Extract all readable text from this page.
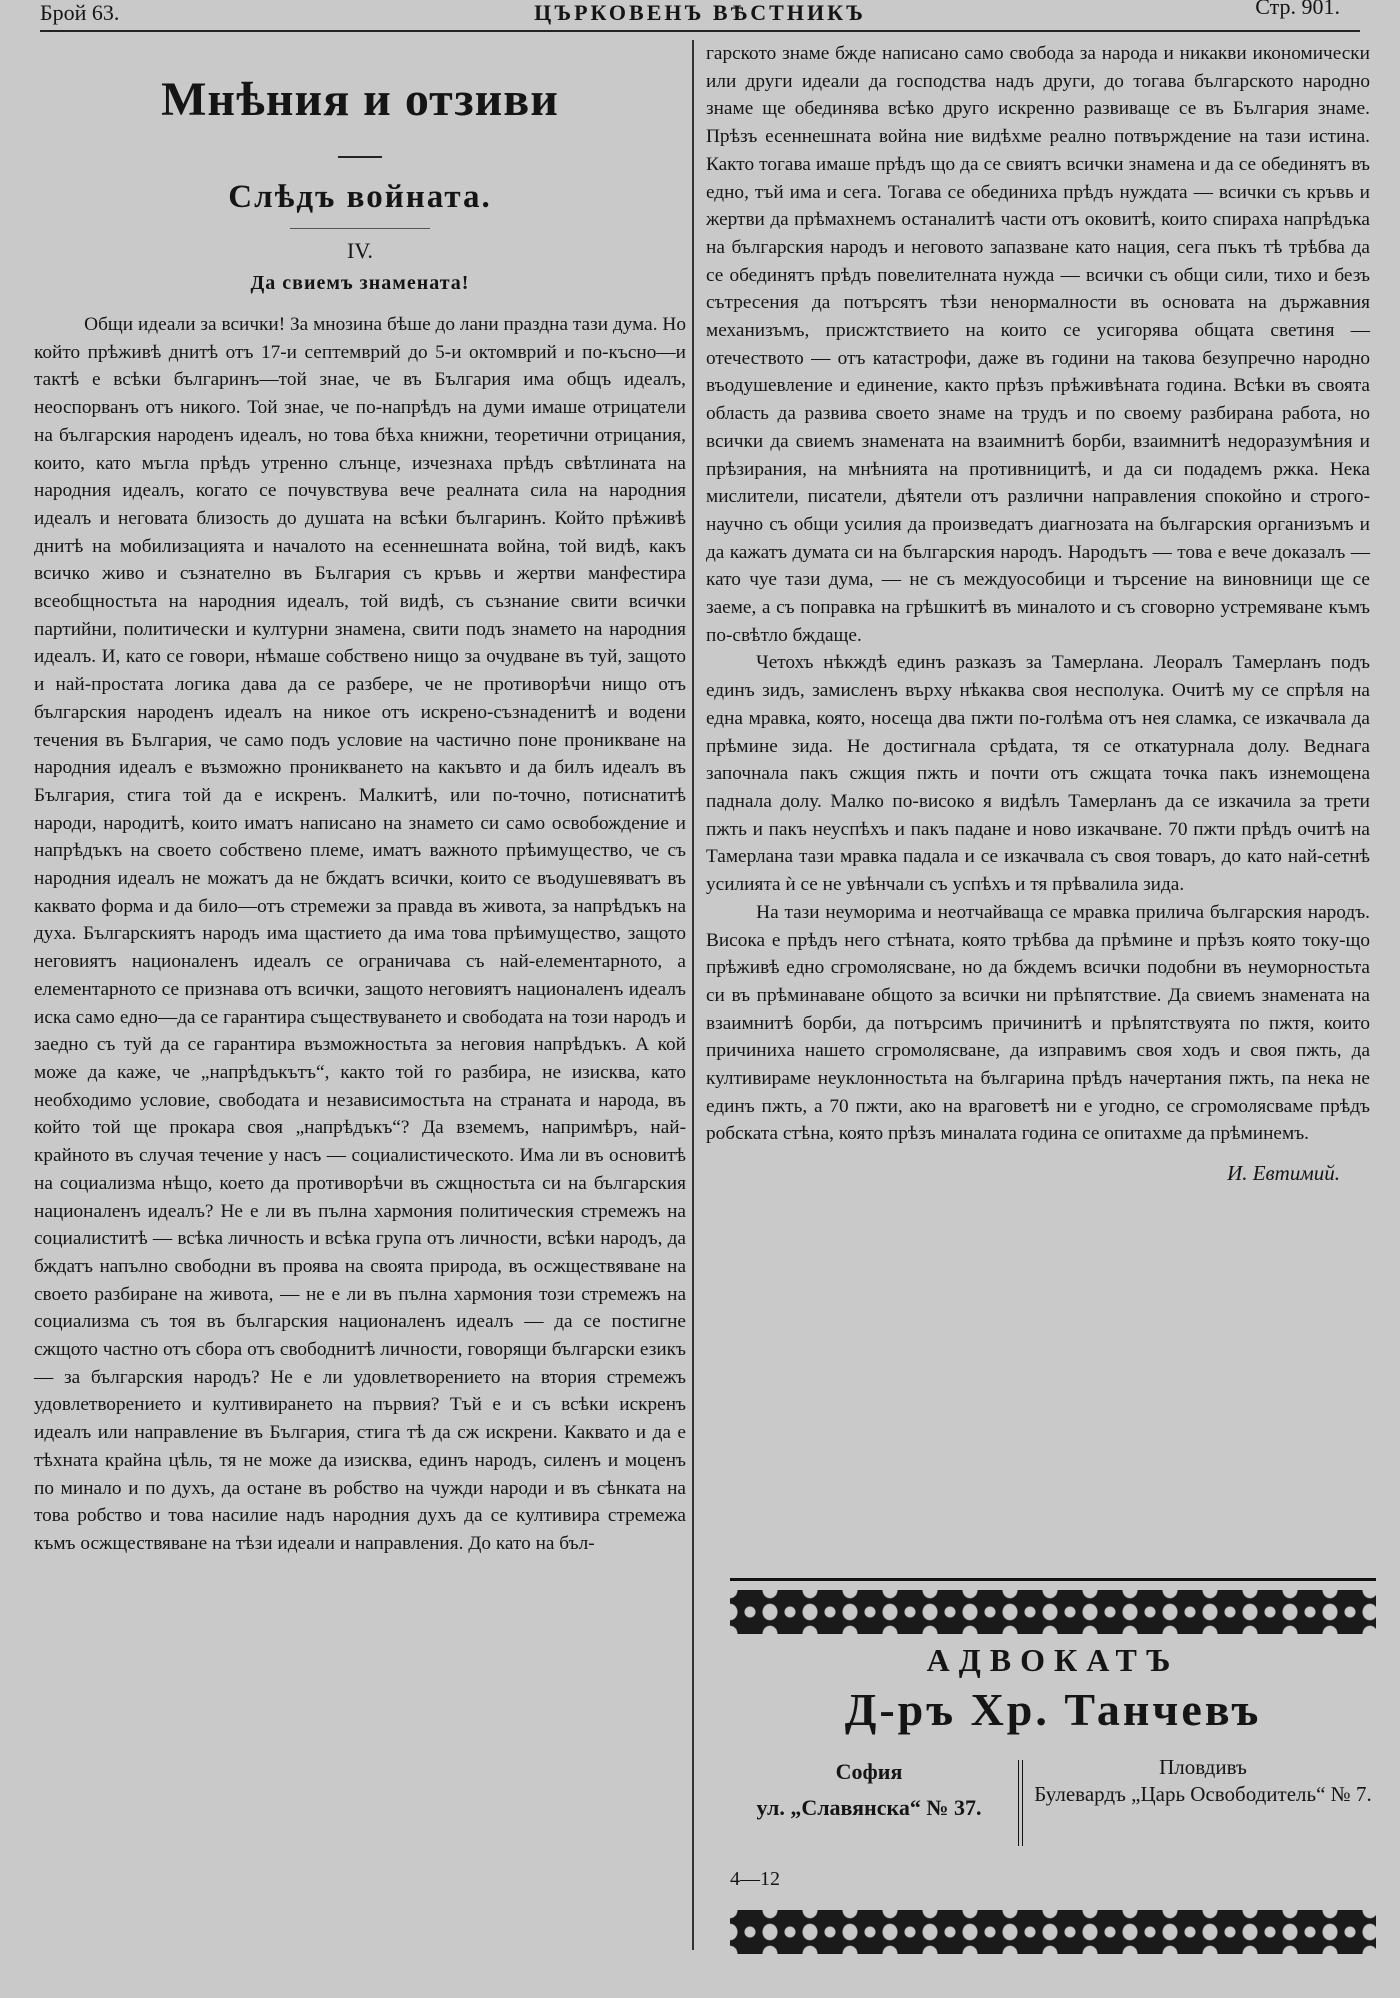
Брой 63.	ЦЪРКОВЕНЪ ВѢСТНИКЪ	Стр. 901.
Мнѣния и отзиви
Слѣдъ войната.
IV.
Да свиемъ знамената!

Общи идеали за всички! За мнозина бѣше до лани праздна тази дума. Но който прѣживѣ днитѣ отъ 17-и септемврий до 5-и октомврий и по-късно—и тактѣ е всѣки българинъ—той знае, че въ България има общъ идеалъ, неоспорванъ отъ никого. Той знае, че по-напрѣдъ на думи имаше отрицатели на българския народенъ идеалъ, но това бѣха книжни, теоретични отрицания, които, като мъгла прѣдъ утренно слънце, изчезнаха прѣдъ свѣтлината на народния идеалъ, когато се почувствува вече реалната сила на народния идеалъ и неговата близость до душата на всѣки българинъ. Който прѣживѣ днитѣ на мобилизацията и началото на есеннешната война, той видѣ, какъ всичко живо и съзнателно въ България съ кръвь и жертви манфестира всеобщностьта на народния идеалъ, той видѣ, съ съзнание свити всички партийни, политически и културни знамена, свити подъ знамето на народния идеалъ. И, като се говори, нѣмаше собствено нищо за очудване въ туй, защото и най-простата логика дава да се разбере, че не противорѣчи нищо отъ българския народенъ идеалъ на никое отъ искрено-съзнаденитѣ и водени течения въ България, че само подъ условие на частично поне проникване на народния идеалъ е възможно проникването на какъвто и да билъ идеалъ въ България, стига той да е искренъ. Малкитѣ, или по-точно, потиснатитѣ народи, народитѣ, които иматъ написано на знамето си само освобождение и напрѣдъкъ на своето собствено племе, иматъ важното прѣимущество, че съ народния идеалъ не можатъ да не бждатъ всички, които се въодушевяватъ въ каквато форма и да било—отъ стремежи за правда въ живота, за напрѣдъкъ на духа. Българскиятъ народъ има щастието да има това прѣимущество, защото неговиятъ националенъ идеалъ се ограничава съ най-елементарното, а елементарното се признава отъ всички, защото неговиятъ националенъ идеалъ иска само едно—да се гарантира съществуването и свободата на този народъ и заедно съ туй да се гарантира възможностьта за неговия напрѣдъкъ. А кой може да каже, че „напрѣдъкътъ“, както той го разбира, не изисква, като необходимо условие, свободата и независимостьта на страната и народа, въ който той ще прокара своя „напрѣдъкъ“? Да вземемъ, напримѣръ, най-крайното въ случая течение у насъ — социалистическото. Има ли въ основитѣ на социализма нѣщо, което да противорѣчи въ сжщностьта си на българския националенъ идеалъ? Не е ли въ пълна хармония политическия стремежъ на социалиститѣ — всѣка личность и всѣка група отъ личности, всѣки народъ, да бждатъ напълно свободни въ проява на своята природа, въ осжществяване на своето разбиране на живота, — не е ли въ пълна хармония този стремежъ на социализма съ тоя въ българския националенъ идеалъ — да се постигне сжщото частно отъ сбора отъ свободнитѣ личности, говорящи български езикъ — за българския народъ? Не е ли удовлетворението на втория стремежъ удовлетворението и култивирането на първия? Тъй е и съ всѣки искренъ идеалъ или направление въ България, стига тѣ да сж искрени. Каквато и да е тѣхната крайна цѣль, тя не може да изисква, единъ народъ, силенъ и моценъ по минало и по духъ, да остане въ робство на чужди народи и въ сѣнката на това робство и това насилие надъ народния духъ да се култивира стремежа къмъ осжществяване на тѣзи идеали и направления. До като на бъл-

гарското знаме бжде написано само свобода за народа и никакви икономически или други идеали да господства надъ други, до тогава българското народно знаме ще обединява всѣко друго искренно развиваще се въ България знаме. Прѣзъ есеннешната война ние видѣхме реално потвърждение на тази истина. Както тогава имаше прѣдъ що да се свиятъ всички знамена и да се обединятъ въ едно, тъй има и сега. Тогава се обединиха прѣдъ нуждата — всички съ кръвь и жертви да прѣмахнемъ останалитѣ части отъ оковитѣ, които спираха напрѣдъка на българския народъ и неговото запазване като нация, сега пъкъ тѣ трѣбва да се обединятъ прѣдъ повелителната нужда — всички съ общи сили, тихо и безъ сътресения да потърсятъ тѣзи ненормалности въ основата на държавния механизъмъ, присжтствието на които се усигорява общата светиня — отечеството — отъ катастрофи, даже въ години на такова безупречно народно въодушевление и единение, както прѣзъ прѣживѣната година. Всѣки въ своята область да развива своето знаме на трудъ и по своему разбирана работа, но всички да свиемъ знамената на взаимнитѣ борби, взаимнитѣ недоразумѣния и прѣзирания, на мнѣнията на противницитѣ, и да си подадемъ ржка. Нека мислители, писатели, дѣятели отъ различни направления спокойно и строго-научно съ общи усилия да произведатъ диагнозата на българския организъмъ и да кажатъ думата си на българския народъ. Народътъ — това е вече доказалъ — като чуе тази дума, — не съ междуособици и търсение на виновници ще се заеме, а съ поправка на грѣшкитѣ въ миналото и съ сговорно устремяване къмъ по-свѣтло бждаще.

Четохъ нѣкждѣ единъ разказъ за Тамерлана. Леоралъ Тамерланъ подъ единъ зидъ, замисленъ върху нѣкаква своя несполука. Очитѣ му се спрѣля на една мравка, която, носеща два пжти по-голѣма отъ нея сламка, се изкачвала да прѣмине зида. Не достигнала срѣдата, тя се откатурнала долу. Веднага започнала пакъ сжщия пжть и почти отъ сжщата точка пакъ изнемощена паднала долу. Малко по-високо я видѣлъ Тамерланъ да се изкачила за трети пжть и пакъ неуспѣхъ и пакъ падане и ново изкачване. 70 пжти прѣдъ очитѣ на Тамерлана тази мравка падала и се изкачвала съ своя товаръ, до като най-сетнѣ усилията ѝ се не увѣнчали съ успѣхъ и тя прѣвалила зида.

На тази неуморима и неотчайваща се мравка прилича българския народъ. Висока е прѣдъ него стѣната, която трѣбва да прѣмине и прѣзъ която току-що прѣживѣ едно сгромолясване, но да бждемъ всички подобни въ неуморностьта си въ прѣминаване общото за всички ни прѣпятствие. Да свиемъ знамената на взаимнитѣ борби, да потърсимъ причинитѣ и прѣпятствуята по пжтя, които причиниха нашето сгромолясване, да изправимъ своя ходъ и своя пжть, да култивираме неуклонностьта на българина прѣдъ начертания пжть, па нека не единъ пжть, а 70 пжти, ако на враговетѣ ни е угодно, се сгромолясваме прѣдъ робската стѣна, която прѣзъ миналата година се опитахме да прѣминемъ.

И. Евтимий.
АДВОКАТЪ
Д-ръ Хр. Танчевъ
София
ул. „Славянска“ № 37.
Пловдивъ
Булевардъ „Царь Освободитель“ № 7.
4—12
